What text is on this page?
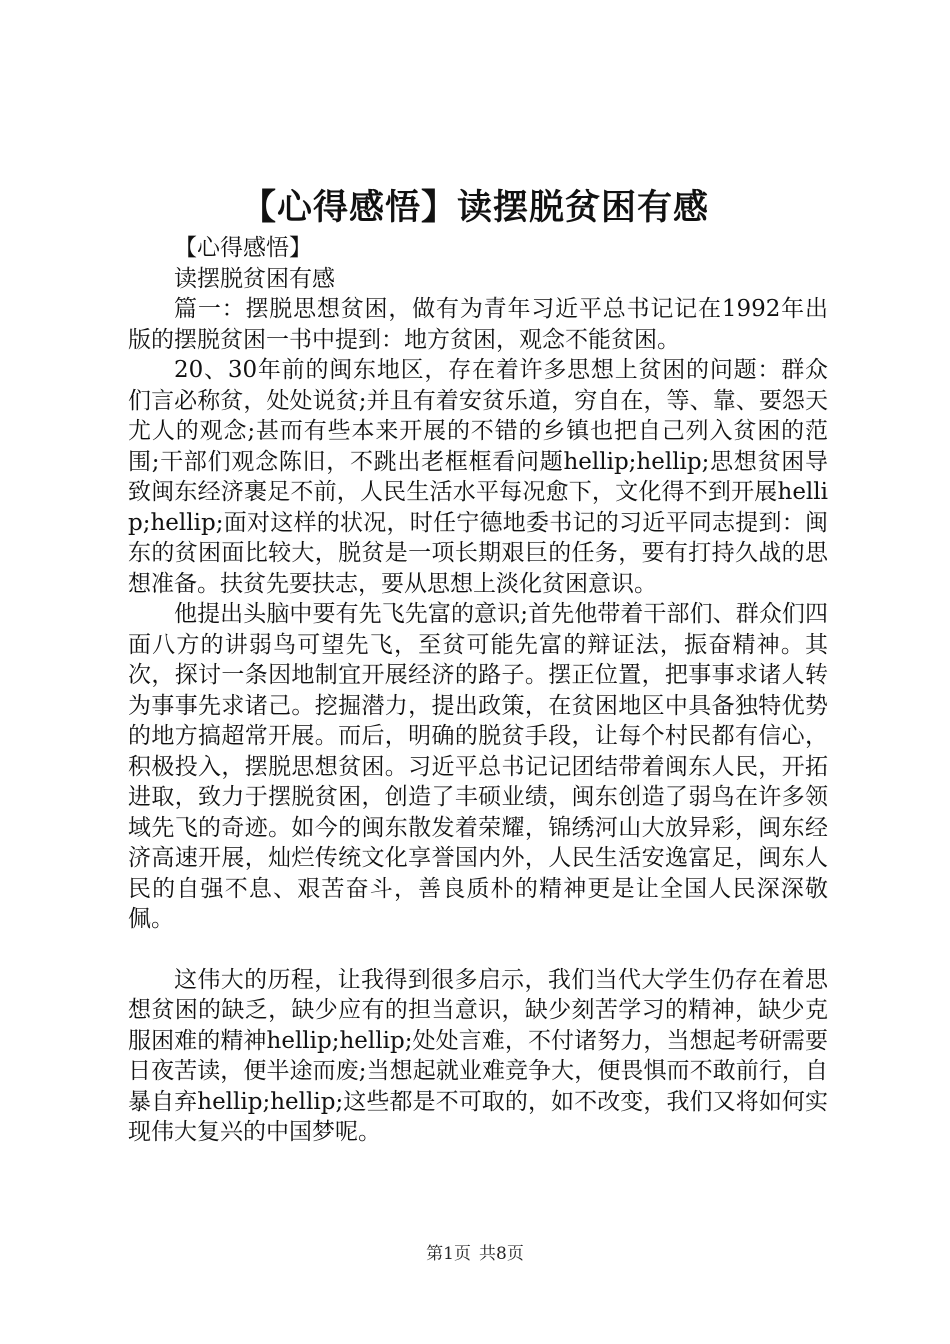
【心得感悟】读摆脱贫困有感

【心得感悟】

读摆脱贫困有感

篇一：摆脱思想贫困，做有为青年习近平总书记记在1992年出版的摆脱贫困一书中提到：地方贫困，观念不能贫困。

20、30年前的闽东地区，存在着许多思想上贫困的问题：群众们言必称贫，处处说贫;并且有着安贫乐道，穷自在，等、靠、要怨天尤人的观念;甚而有些本来开展的不错的乡镇也把自己列入贫困的范围;干部们观念陈旧，不跳出老框框看问题hellip;hellip;思想贫困导致闽东经济裹足不前，人民生活水平每况愈下，文化得不到开展hellip;hellip;面对这样的状况，时任宁德地委书记的习近平同志提到：闽东的贫困面比较大，脱贫是一项长期艰巨的任务，要有打持久战的思想准备。扶贫先要扶志，要从思想上淡化贫困意识。

他提出头脑中要有先飞先富的意识;首先他带着干部们、群众们四面八方的讲弱鸟可望先飞，至贫可能先富的辩证法，振奋精神。其次，探讨一条因地制宜开展经济的路子。摆正位置，把事事求诸人转为事事先求诸己。挖掘潜力，提出政策，在贫困地区中具备独特优势的地方搞超常开展。而后，明确的脱贫手段，让每个村民都有信心，积极投入，摆脱思想贫困。习近平总书记记团结带着闽东人民，开拓进取，致力于摆脱贫困，创造了丰硕业绩，闽东创造了弱鸟在许多领域先飞的奇迹。如今的闽东散发着荣耀，锦绣河山大放异彩，闽东经济高速开展，灿烂传统文化享誉国内外，人民生活安逸富足，闽东人民的自强不息、艰苦奋斗，善良质朴的精神更是让全国人民深深敬佩。

这伟大的历程，让我得到很多启示，我们当代大学生仍存在着思想贫困的缺乏，缺少应有的担当意识，缺少刻苦学习的精神，缺少克服困难的精神hellip;hellip;处处言难，不付诸努力，当想起考研需要日夜苦读，便半途而废;当想起就业难竞争大，便畏惧而不敢前行，自暴自弃hellip;hellip;这些都是不可取的，如不改变，我们又将如何实现伟大复兴的中国梦呢。

第1页 共8页
